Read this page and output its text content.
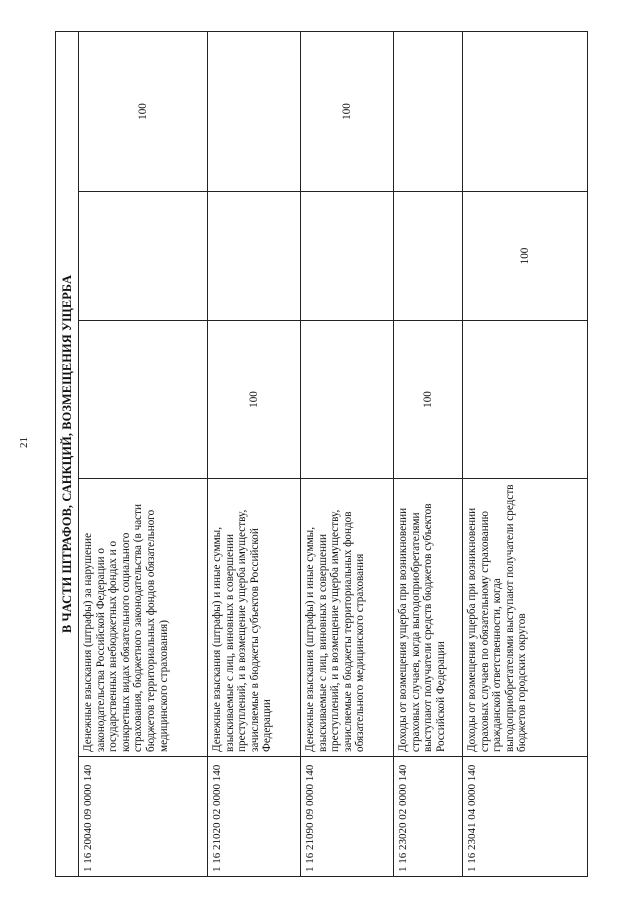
21 В ЧАСТИ ШТРАФОВ, САНКЦИЙ, ВОЗМЕЩЕНИЯ УЩЕРБА				
1 16 20040 09 0000 140	Денежные взыскания (штрафы) за нарушение законодательства Российской Федерации о государственных внебюджетных фондах и о конкретных видах обязательного социального страхования, бюджетного законодательства (в части бюджетов территориальных фондов обязательного медицинского страхования)			100
1 16 21020 02 0000 140	Денежные взыскания (штрафы) и иные суммы, взыскиваемые с лиц, виновных в совершении преступлений, и в возмещение ущерба имуществу, зачисляемые в бюджеты субъектов Российской Федерации	100		
1 16 21090 09 0000 140	Денежные взыскания (штрафы) и иные суммы, взыскиваемые с лиц, виновных в совершении преступлений, и в возмещение ущерба имуществу, зачисляемые в бюджеты территориальных фондов обязательного медицинского страхования			100
1 16 23020 02 0000 140	Доходы от возмещения ущерба при возникновении страховых случаев, когда выгодоприобретателями выступают получатели средств бюджетов субъектов Российской Федерации	100		
1 16 23041 04 0000 140	Доходы от возмещения ущерба при возникновении страховых случаев по обязательному страхованию гражданской ответственности, когда выгодоприобретателями выступают получатели средств бюджетов городских округов		100	
